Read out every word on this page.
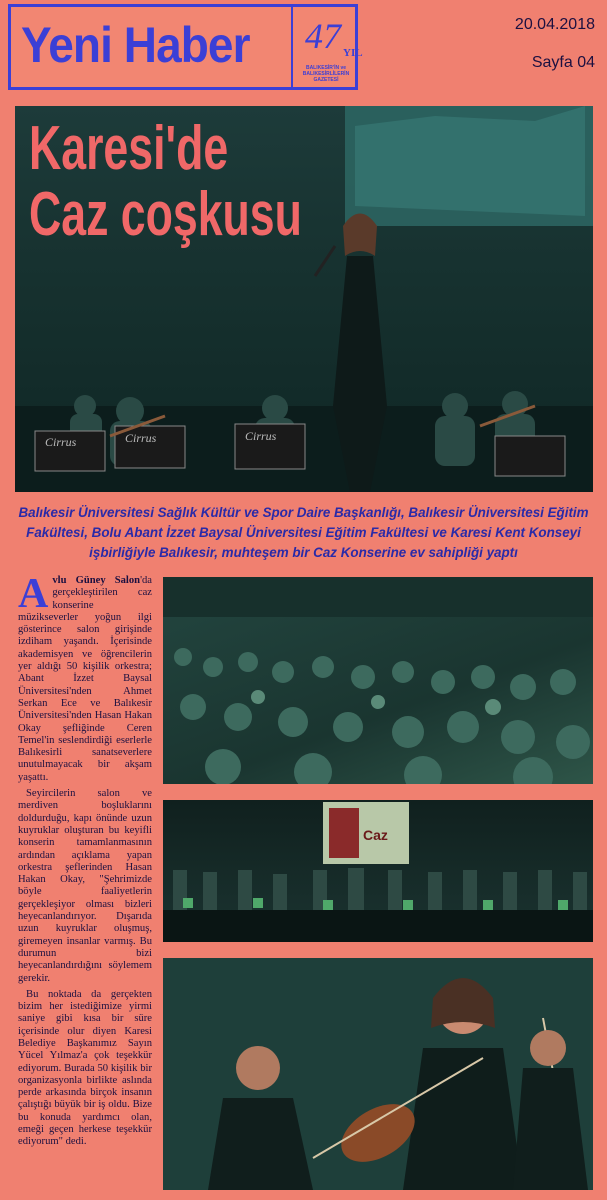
Yeni Haber 47 YIL
BALIKESİR'İN ve BALIKESİRLİLERİN GAZETESİ
20.04.2018
Sayfa 04
Cirrus	Cirrus	Cirrus
Karesi'de
Caz coşkusu
Balıkesir Üniversitesi Sağlık Kültür ve Spor Daire Başkanlığı, Balıkesir Üniversitesi Eğitim Fakültesi, Bolu Abant İzzet Baysal Üniversitesi Eğitim Fakültesi ve Karesi Kent Konseyi işbirliğiyle Balıkesir, muhteşem bir Caz Konserine ev sahipliği yaptı

Avlu Güney Salon'da gerçekleştirilen caz konserine müzikseverler yoğun ilgi gösterince salon girişinde izdiham yaşandı. İçerisinde akademisyen ve öğrencilerin yer aldığı 50 kişilik orkestra; Abant İzzet Baysal Üniversitesi'nden Ahmet Serkan Ece ve Balıkesir Üniversitesi'nden Hasan Hakan Okay şefliğinde Ceren Temel'in seslendirdiği eserlerle Balıkesirli sanatseverlere unutulmayacak bir akşam yaşattı.

Seyircilerin salon ve merdiven boşluklarını doldurduğu, kapı önünde uzun kuyruklar oluşturan bu keyifli konserin tamamlanmasının ardından açıklama yapan orkestra şeflerinden Hasan Hakan Okay, "Şehrimizde böyle faaliyetlerin gerçekleşiyor olması bizleri heyecanlandırıyor. Dışarıda uzun kuyruklar oluşmuş, giremeyen insanlar varmış. Bu durumun bizi heyecanlandırdığını söylemem gerekir.

Bu noktada da gerçekten bizim her istediğimize yirmi saniye gibi kısa bir süre içerisinde olur diyen Karesi Belediye Başkanımız Sayın Yücel Yılmaz'a çok teşekkür ediyorum. Burada 50 kişilik bir organizasyonla birlikte aslında perde arkasında birçok insanın çalıştığı büyük bir iş oldu. Bize bu konuda yardımcı olan, emeği geçen herkese teşekkür ediyorum" dedi.

Caz
